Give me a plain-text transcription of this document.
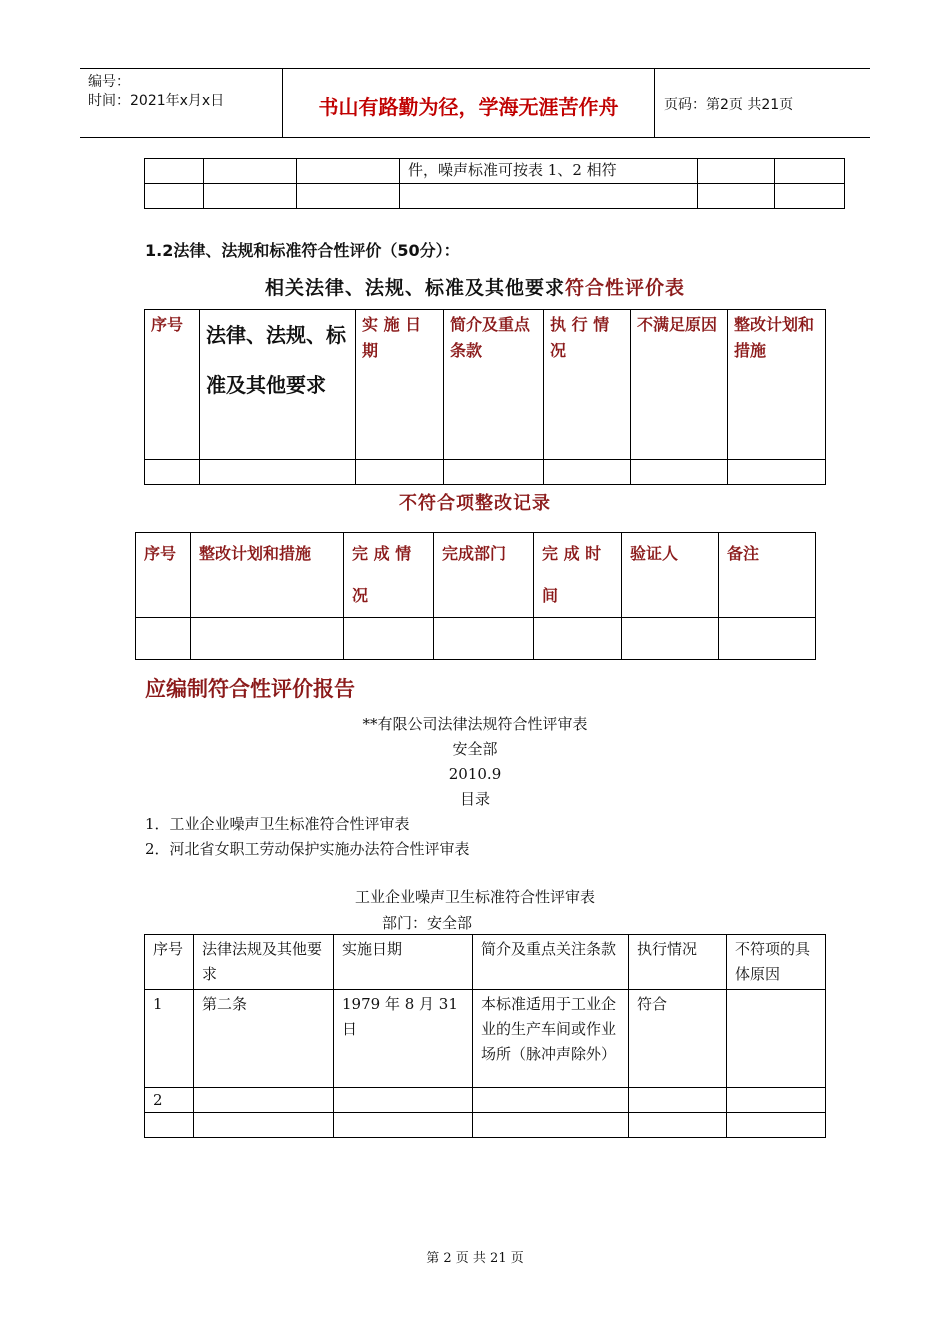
编号：
时间：2021年x月x日	书山有路勤为径，学海无涯苦作舟	页码：第2页 共21页
			件，噪声标准可按表 1、2 相符		

1.2法律、法规和标准符合性评价（50分）：
相关法律、法规、标准及其他要求符合性评价表
序号	法律、法规、标准及其他要求	实 施 日期	简介及重点条款	执 行 情况	不满足原因	整改计划和措施

不符合项整改记录
序号	整改计划和措施	完 成 情况	完成部门	完 成 时间	验证人	备注

应编制符合性评价报告
**有限公司法律法规符合性评审表
安全部
2010.9
目录
1．工业企业噪声卫生标准符合性评审表
2．河北省女职工劳动保护实施办法符合性评审表
工业企业噪声卫生标准符合性评审表
部门：安全部
序号	法律法规及其他要求	实施日期	简介及重点关注条款	执行情况	不符项的具体原因
1	第二条	1979 年 8 月 31 日	本标准适用于工业企业的生产车间或作业场所（脉冲声除外）	符合	
2					

第 2 页 共 21 页
